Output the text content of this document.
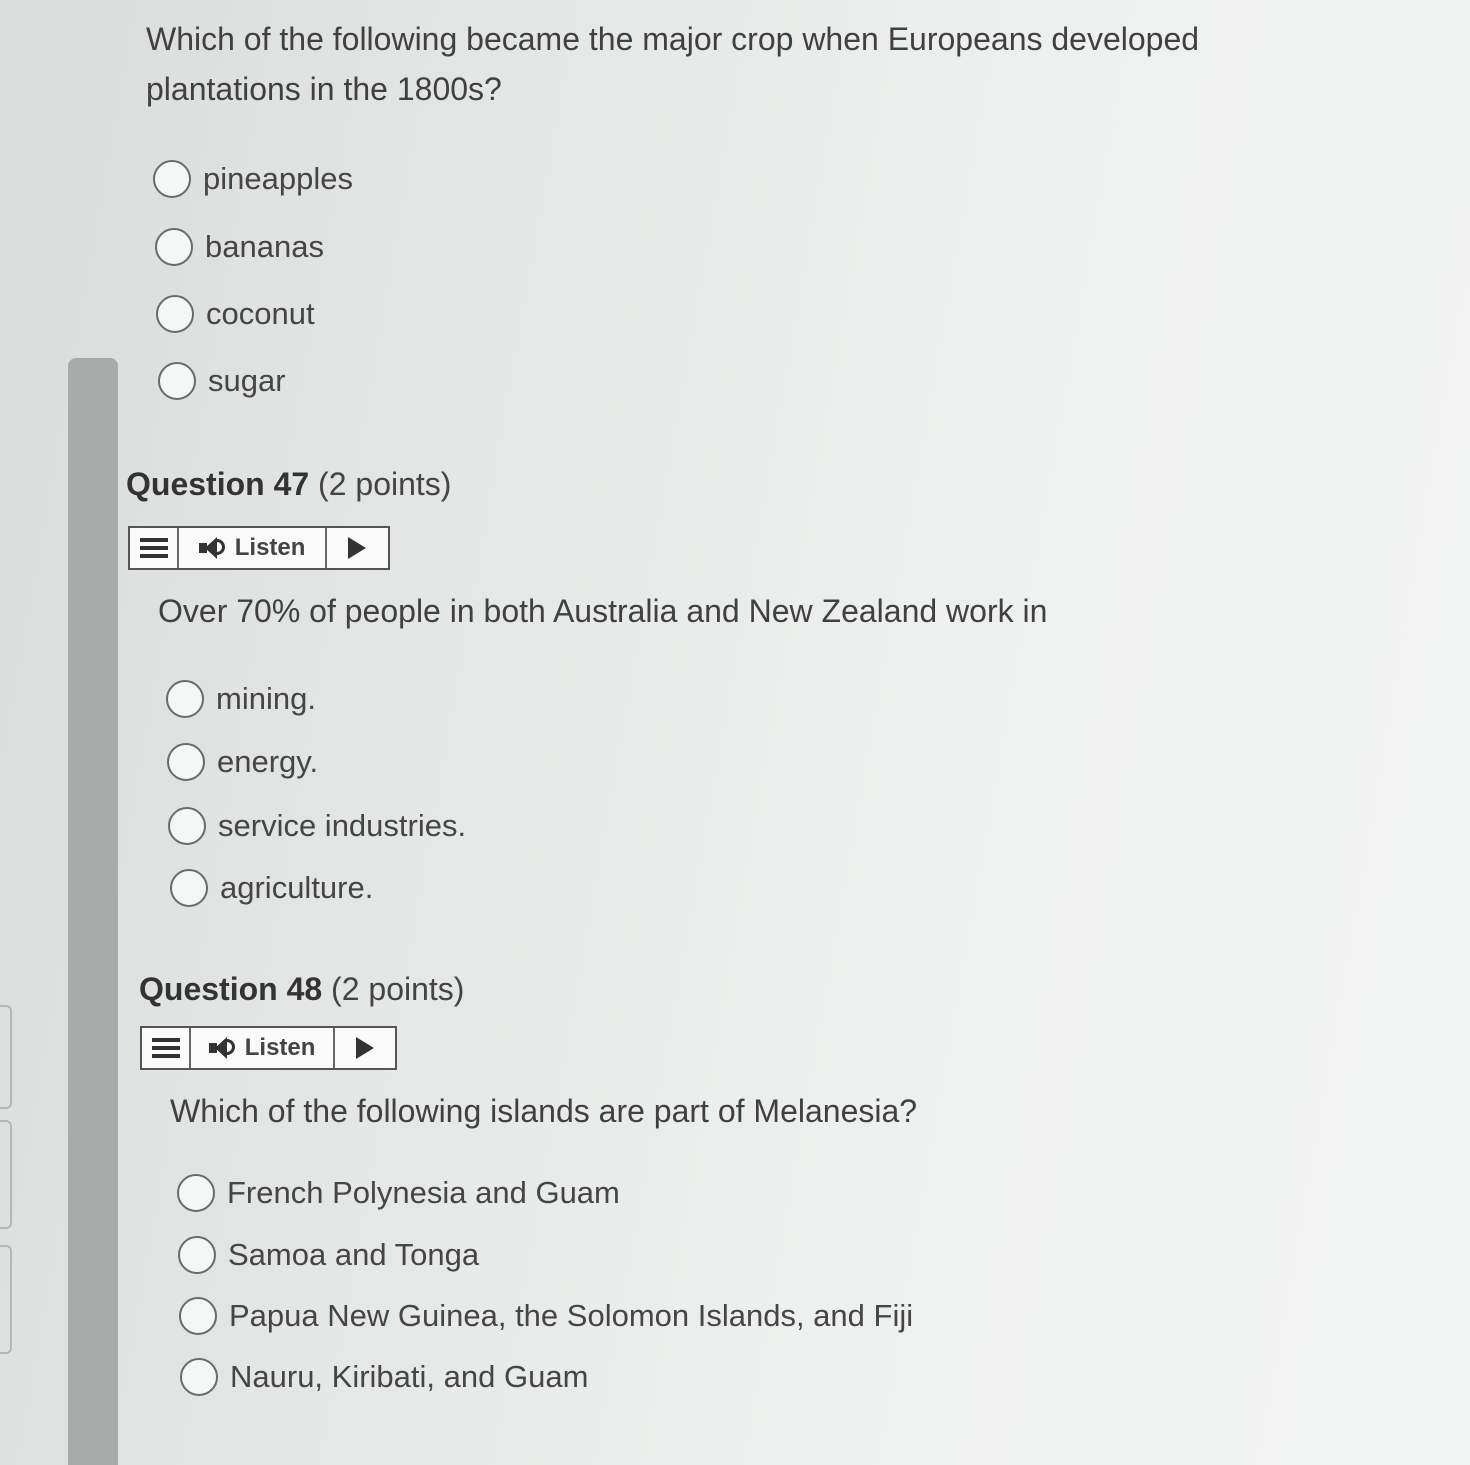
Which of the following became the major crop when Europeans developed plantations in the 1800s?

pineapples
bananas
coconut
sugar
Question 47 (2 points)
Listen

Over 70% of people in both Australia and New Zealand work in

mining.
energy.
service industries.
agriculture.
Question 48 (2 points)
Listen

Which of the following islands are part of Melanesia?

French Polynesia and Guam
Samoa and Tonga
Papua New Guinea, the Solomon Islands, and Fiji
Nauru, Kiribati, and Guam
